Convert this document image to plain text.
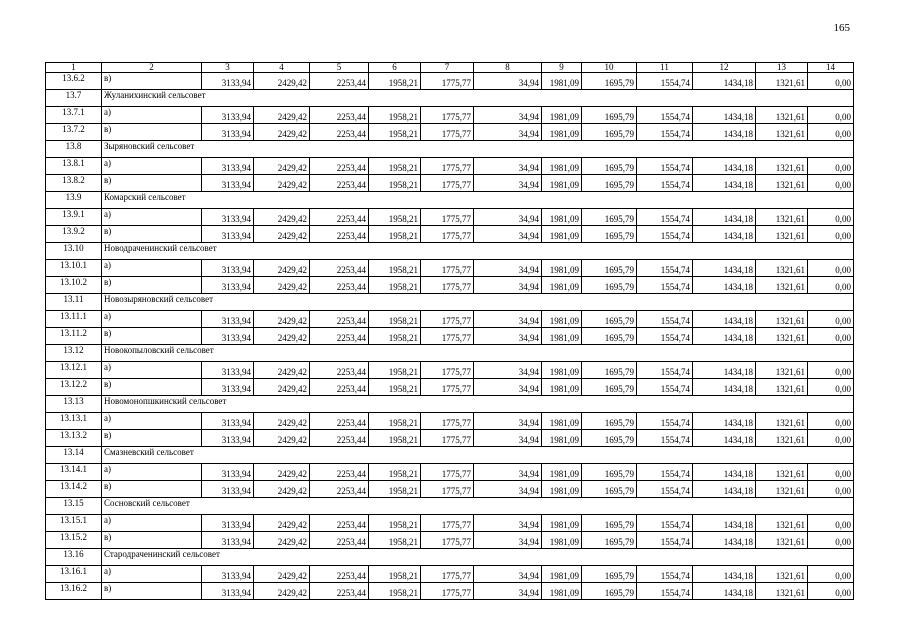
165
1	2	3	4	5	6	7	8	9	10	11	12	13	14
13.6.2	в)	3133,94	2429,42	2253,44	1958,21	1775,77	34,94	1981,09	1695,79	1554,74	1434,18	1321,61	0,00
13.7	Жуланихинский сельсовет												
13.7.1	а)	3133,94	2429,42	2253,44	1958,21	1775,77	34,94	1981,09	1695,79	1554,74	1434,18	1321,61	0,00
13.7.2	в)	3133,94	2429,42	2253,44	1958,21	1775,77	34,94	1981,09	1695,79	1554,74	1434,18	1321,61	0,00
13.8	Зыряновский сельсовет												
13.8.1	а)	3133,94	2429,42	2253,44	1958,21	1775,77	34,94	1981,09	1695,79	1554,74	1434,18	1321,61	0,00
13.8.2	в)	3133,94	2429,42	2253,44	1958,21	1775,77	34,94	1981,09	1695,79	1554,74	1434,18	1321,61	0,00
13.9	Комарский сельсовет												
13.9.1	а)	3133,94	2429,42	2253,44	1958,21	1775,77	34,94	1981,09	1695,79	1554,74	1434,18	1321,61	0,00
13.9.2	в)	3133,94	2429,42	2253,44	1958,21	1775,77	34,94	1981,09	1695,79	1554,74	1434,18	1321,61	0,00
13.10	Новодраченинский сельсовет												
13.10.1	а)	3133,94	2429,42	2253,44	1958,21	1775,77	34,94	1981,09	1695,79	1554,74	1434,18	1321,61	0,00
13.10.2	в)	3133,94	2429,42	2253,44	1958,21	1775,77	34,94	1981,09	1695,79	1554,74	1434,18	1321,61	0,00
13.11	Новозыряновский сельсовет												
13.11.1	а)	3133,94	2429,42	2253,44	1958,21	1775,77	34,94	1981,09	1695,79	1554,74	1434,18	1321,61	0,00
13.11.2	в)	3133,94	2429,42	2253,44	1958,21	1775,77	34,94	1981,09	1695,79	1554,74	1434,18	1321,61	0,00
13.12	Новокопыловский сельсовет												
13.12.1	а)	3133,94	2429,42	2253,44	1958,21	1775,77	34,94	1981,09	1695,79	1554,74	1434,18	1321,61	0,00
13.12.2	в)	3133,94	2429,42	2253,44	1958,21	1775,77	34,94	1981,09	1695,79	1554,74	1434,18	1321,61	0,00
13.13	Новомонопшкинский сельсовет												
13.13.1	а)	3133,94	2429,42	2253,44	1958,21	1775,77	34,94	1981,09	1695,79	1554,74	1434,18	1321,61	0,00
13.13.2	в)	3133,94	2429,42	2253,44	1958,21	1775,77	34,94	1981,09	1695,79	1554,74	1434,18	1321,61	0,00
13.14	Смазневский сельсовет												
13.14.1	а)	3133,94	2429,42	2253,44	1958,21	1775,77	34,94	1981,09	1695,79	1554,74	1434,18	1321,61	0,00
13.14.2	в)	3133,94	2429,42	2253,44	1958,21	1775,77	34,94	1981,09	1695,79	1554,74	1434,18	1321,61	0,00
13.15	Сосновский сельсовет												
13.15.1	а)	3133,94	2429,42	2253,44	1958,21	1775,77	34,94	1981,09	1695,79	1554,74	1434,18	1321,61	0,00
13.15.2	в)	3133,94	2429,42	2253,44	1958,21	1775,77	34,94	1981,09	1695,79	1554,74	1434,18	1321,61	0,00
13.16	Стародраченинский сельсовет												
13.16.1	а)	3133,94	2429,42	2253,44	1958,21	1775,77	34,94	1981,09	1695,79	1554,74	1434,18	1321,61	0,00
13.16.2	в)	3133,94	2429,42	2253,44	1958,21	1775,77	34,94	1981,09	1695,79	1554,74	1434,18	1321,61	0,00
